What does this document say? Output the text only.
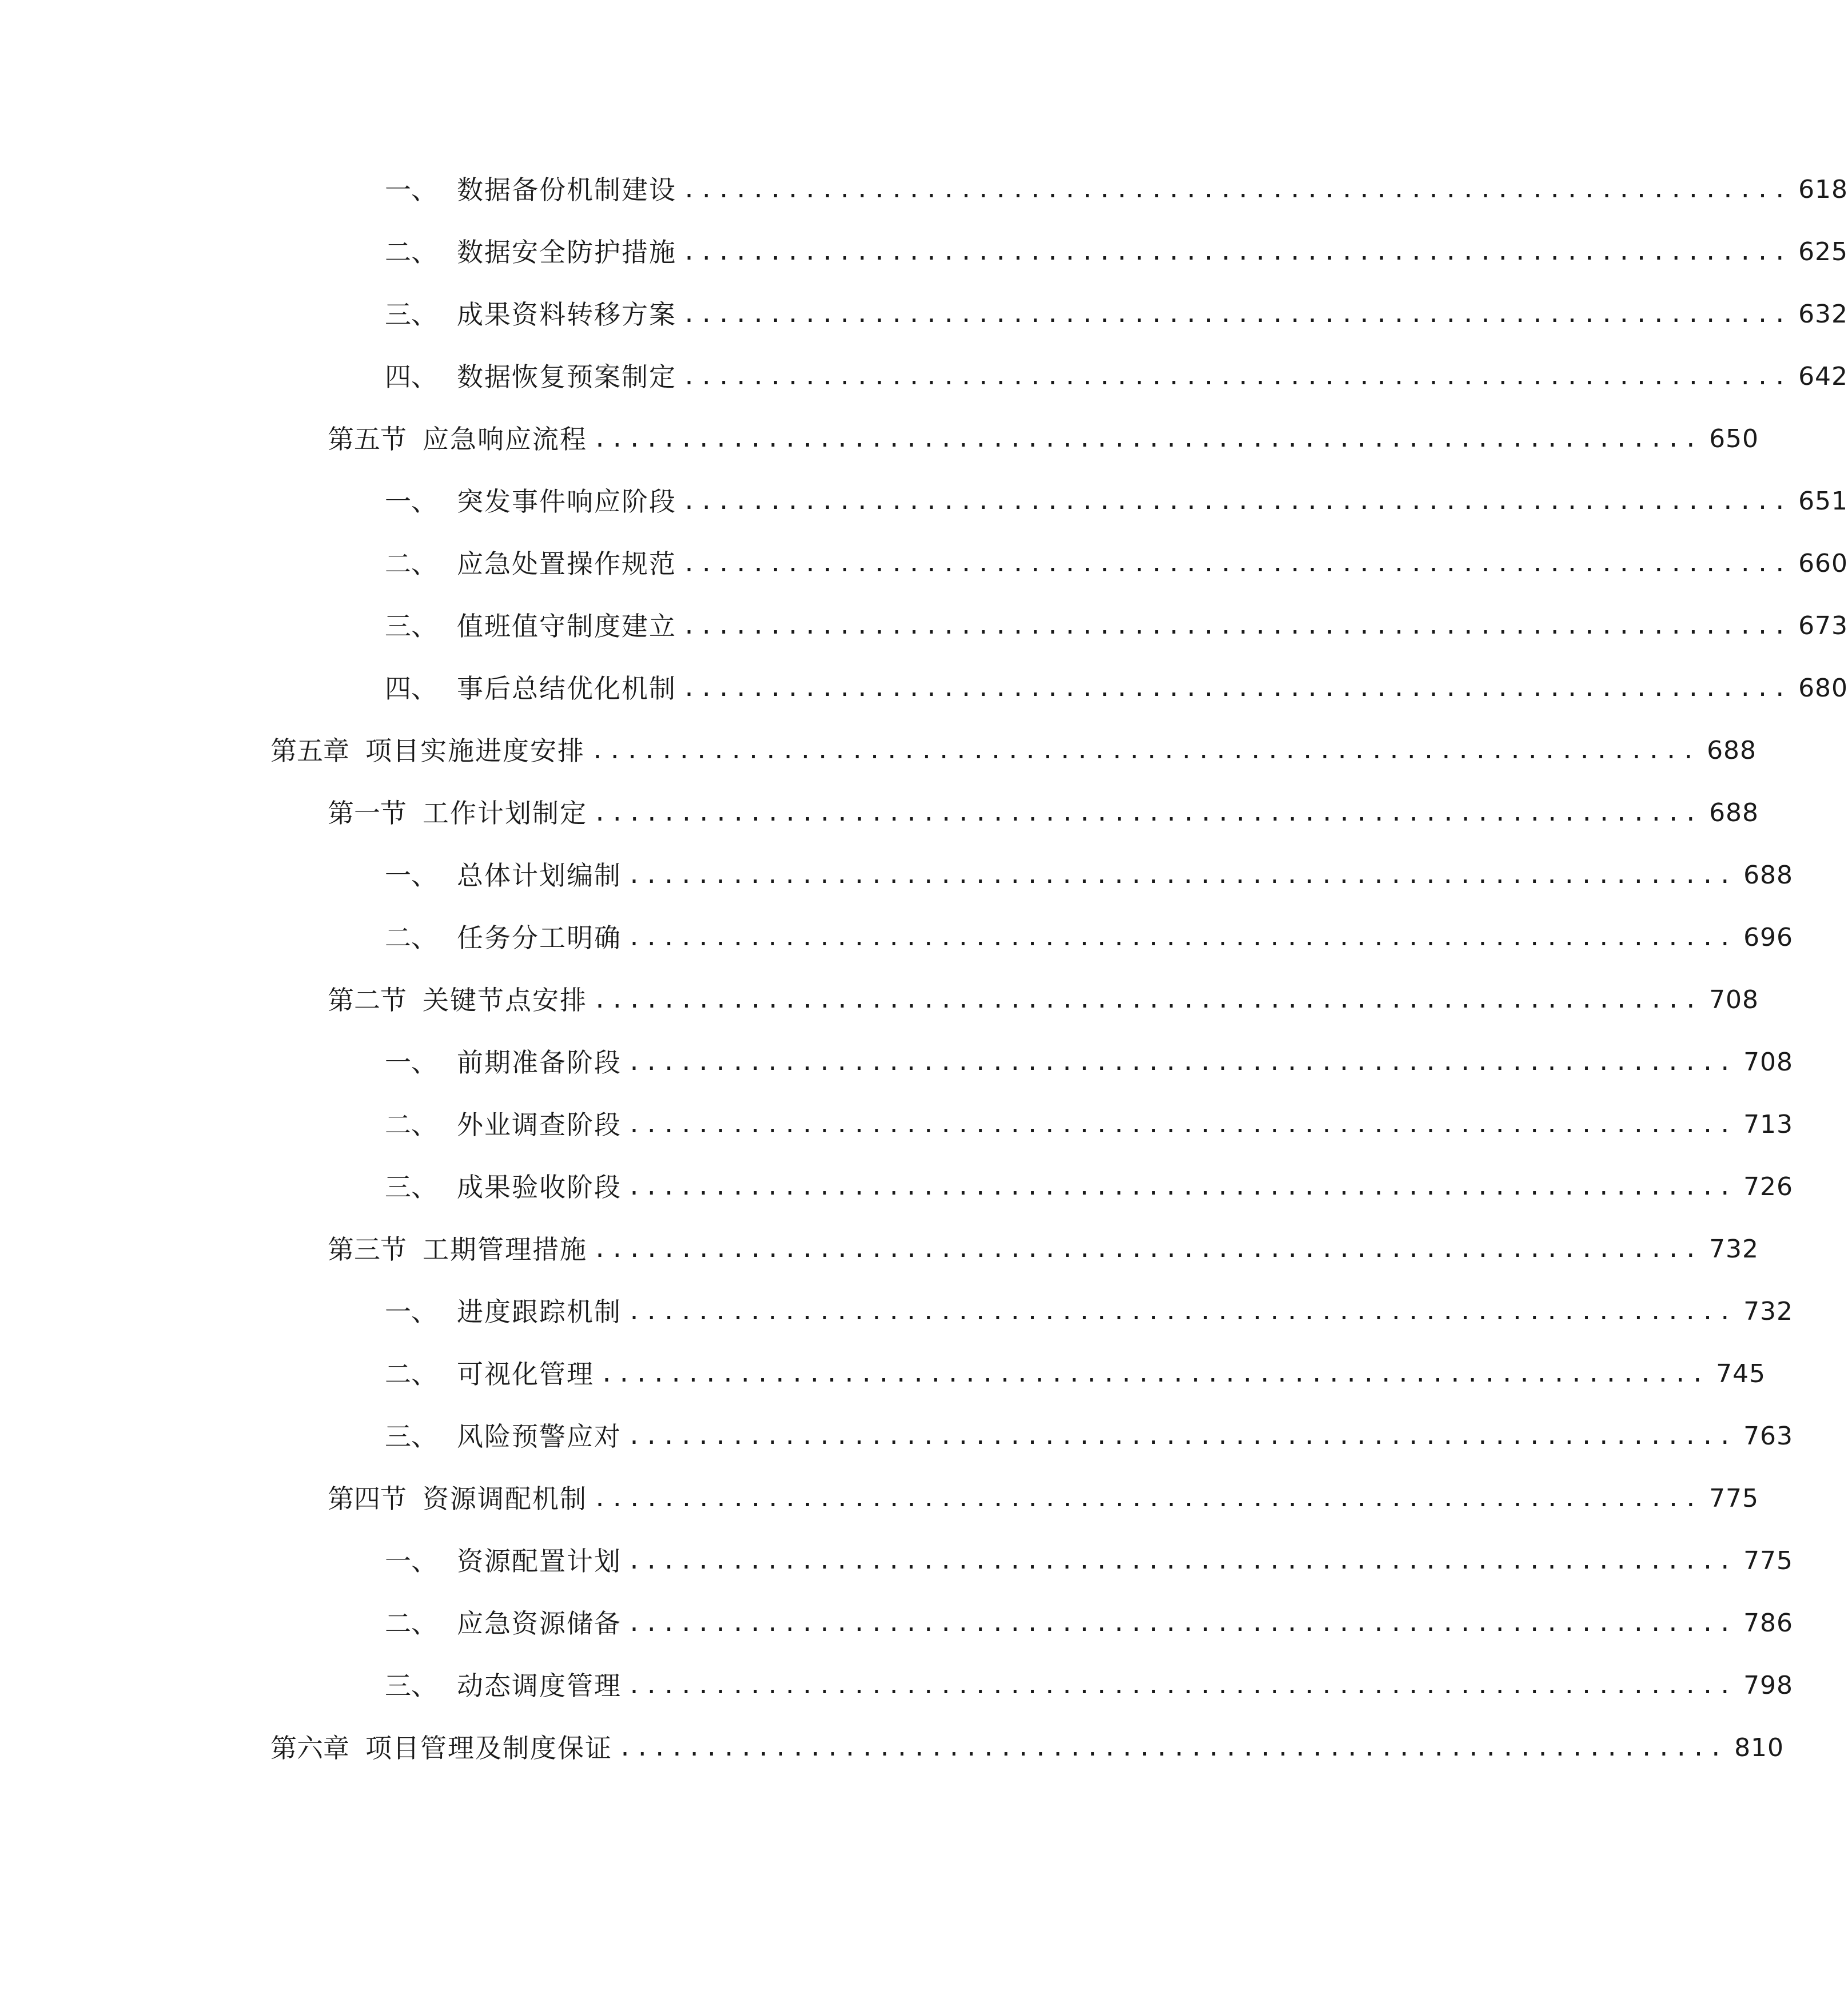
一、 数据备份机制建设 ................................................................ 618
二、 数据安全防护措施 ................................................................ 625
三、 成果资料转移方案 ................................................................ 632
四、 数据恢复预案制定 ................................................................ 642
第五节 应急响应流程 ................................................................ 650
一、 突发事件响应阶段 ................................................................ 651
二、 应急处置操作规范 ................................................................ 660
三、 值班值守制度建立 ................................................................ 673
四、 事后总结优化机制 ................................................................ 680
第五章 项目实施进度安排 ................................................................ 688
第一节 工作计划制定 ................................................................ 688
一、 总体计划编制 ................................................................ 688
二、 任务分工明确 ................................................................ 696
第二节 关键节点安排 ................................................................ 708
一、 前期准备阶段 ................................................................ 708
二、 外业调查阶段 ................................................................ 713
三、 成果验收阶段 ................................................................ 726
第三节 工期管理措施 ................................................................ 732
一、 进度跟踪机制 ................................................................ 732
二、 可视化管理 ................................................................ 745
三、 风险预警应对 ................................................................ 763
第四节 资源调配机制 ................................................................ 775
一、 资源配置计划 ................................................................ 775
二、 应急资源储备 ................................................................ 786
三、 动态调度管理 ................................................................ 798
第六章 项目管理及制度保证 ................................................................ 810
